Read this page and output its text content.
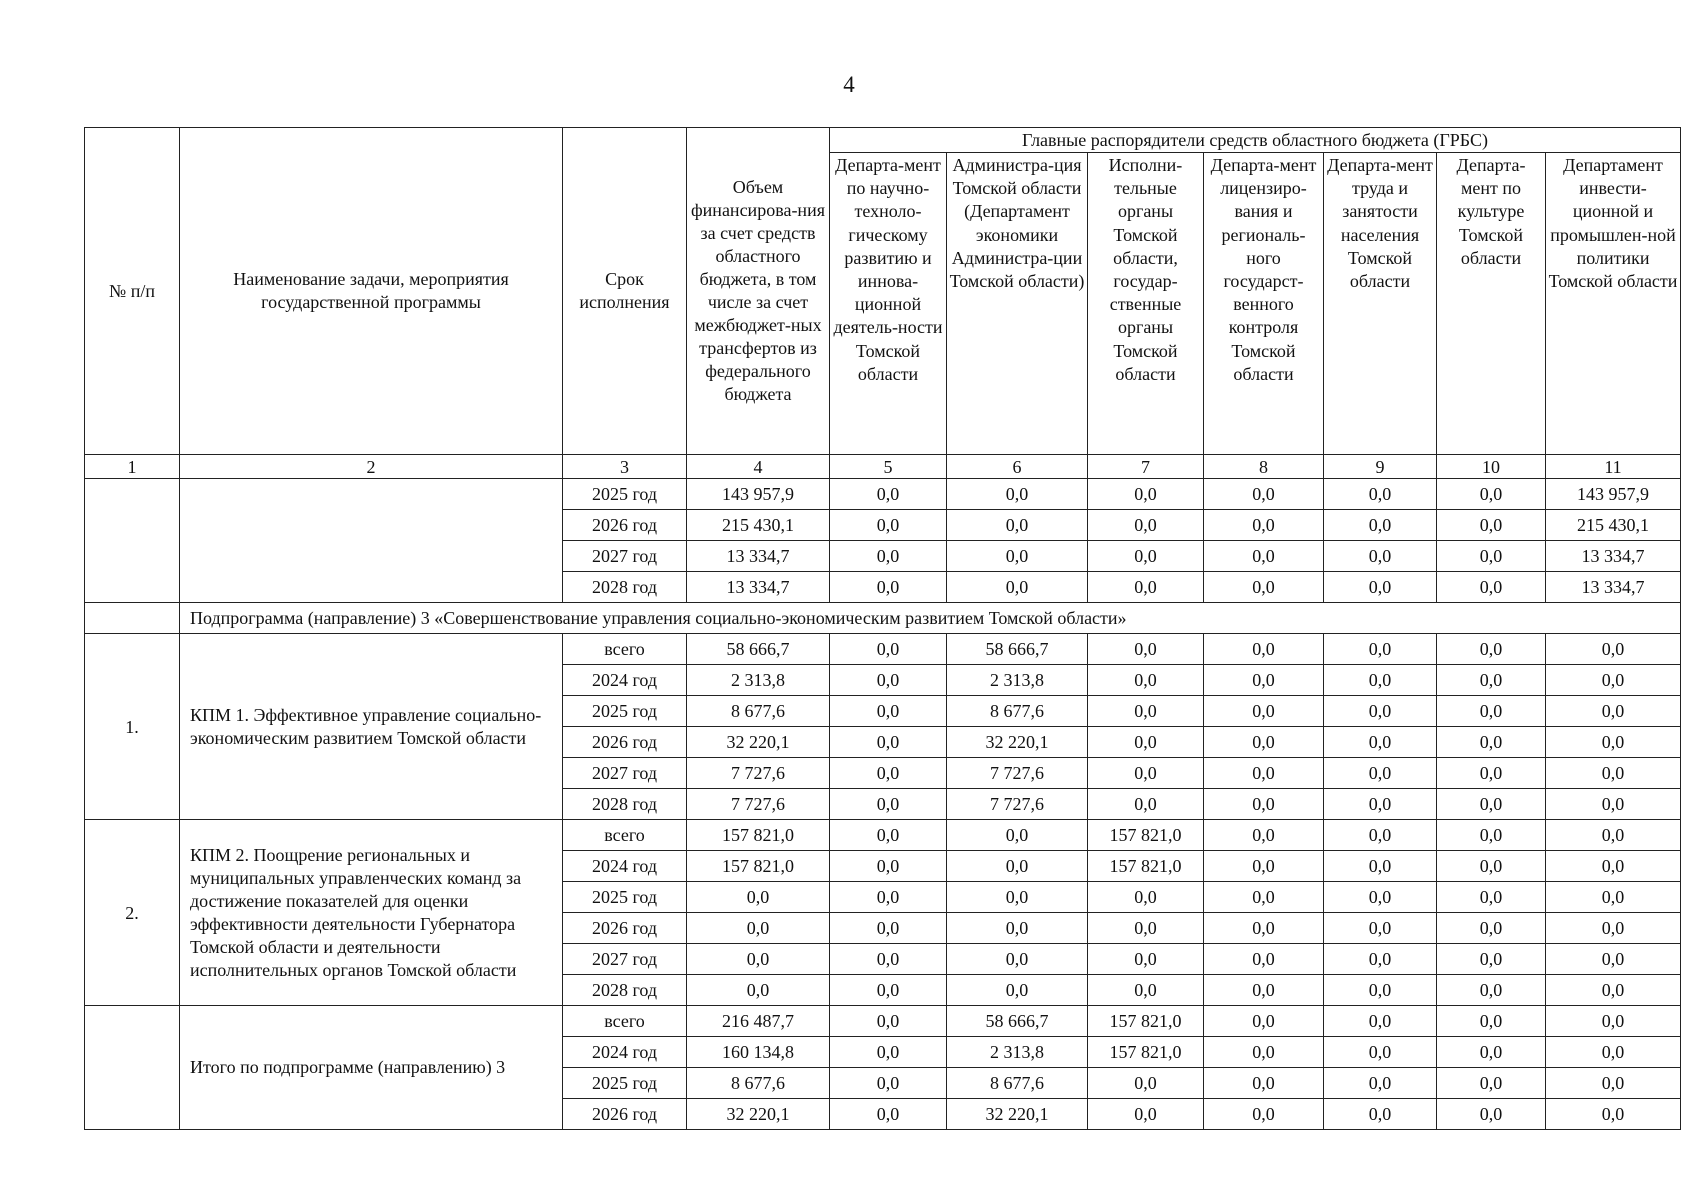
4
№ п/п	Наименование задачи, мероприятия государственной программы	Срок исполнения	Объем финансирова-ния за счет средств областного бюджета, в том числе за счет межбюджет-ных трансфертов из федерального бюджета	Главные распорядители средств областного бюджета (ГРБС)						
				Департа-мент по научно-техноло-гическому развитию и иннова-ционной деятель-ности Томской области	Администра-ция Томской области (Департамент экономики Администра-ции Томской области)	Исполни-тельные органы Томской области, государ-ственные органы Томской области	Департа-мент лицензиро-вания и региональ-ного государст-венного контроля Томской области	Департа-мент труда и занятости населения Томской области	Департа-мент по культуре Томской области	Департамент инвести-ционной и промышлен-ной политики Томской области
1	2	3	4	5	6	7	8	9	10	11
		2025 год	143 957,9	0,0	0,0	0,0	0,0	0,0	0,0	143 957,9
		2026 год	215 430,1	0,0	0,0	0,0	0,0	0,0	0,0	215 430,1
		2027 год	13 334,7	0,0	0,0	0,0	0,0	0,0	0,0	13 334,7
		2028 год	13 334,7	0,0	0,0	0,0	0,0	0,0	0,0	13 334,7
	Подпрограмма (направление) 3 «Совершенствование управления социально-экономическим развитием Томской области»									
1.	КПМ 1. Эффективное управление социально-экономическим развитием Томской области	всего	58 666,7	0,0	58 666,7	0,0	0,0	0,0	0,0	0,0
		2024 год	2 313,8	0,0	2 313,8	0,0	0,0	0,0	0,0	0,0
		2025 год	8 677,6	0,0	8 677,6	0,0	0,0	0,0	0,0	0,0
		2026 год	32 220,1	0,0	32 220,1	0,0	0,0	0,0	0,0	0,0
		2027 год	7 727,6	0,0	7 727,6	0,0	0,0	0,0	0,0	0,0
		2028 год	7 727,6	0,0	7 727,6	0,0	0,0	0,0	0,0	0,0
2.	КПМ 2. Поощрение региональных и муниципальных управленческих команд за достижение показателей для оценки эффективности деятельности Губернатора Томской области и деятельности исполнительных органов Томской области	всего	157 821,0	0,0	0,0	157 821,0	0,0	0,0	0,0	0,0
		2024 год	157 821,0	0,0	0,0	157 821,0	0,0	0,0	0,0	0,0
		2025 год	0,0	0,0	0,0	0,0	0,0	0,0	0,0	0,0
		2026 год	0,0	0,0	0,0	0,0	0,0	0,0	0,0	0,0
		2027 год	0,0	0,0	0,0	0,0	0,0	0,0	0,0	0,0
		2028 год	0,0	0,0	0,0	0,0	0,0	0,0	0,0	0,0
	Итого по подпрограмме (направлению) 3	всего	216 487,7	0,0	58 666,7	157 821,0	0,0	0,0	0,0	0,0
		2024 год	160 134,8	0,0	2 313,8	157 821,0	0,0	0,0	0,0	0,0
		2025 год	8 677,6	0,0	8 677,6	0,0	0,0	0,0	0,0	0,0
		2026 год	32 220,1	0,0	32 220,1	0,0	0,0	0,0	0,0	0,0
